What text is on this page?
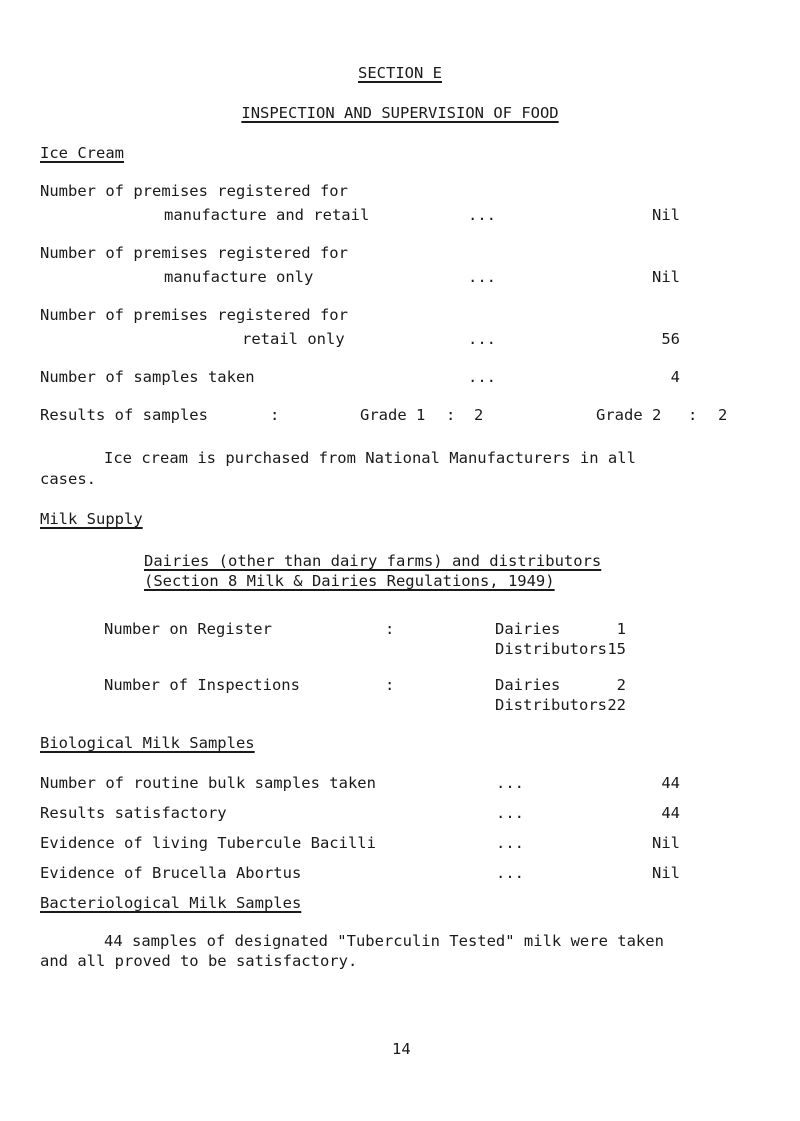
SECTION E
INSPECTION AND SUPERVISION OF FOOD
Ice Cream
Number of premises registered for
manufacture and retail	...	Nil
Number of premises registered for
manufacture only	...	Nil
Number of premises registered for
retail only	...	56
Number of samples taken	...	4
Results of samples	:	Grade 1 : 2	Grade 2 : 2
Ice cream is purchased from National Manufacturers in all
cases.
Milk Supply
Dairies (other than dairy farms) and distributors
(Section 8 Milk & Dairies Regulations, 1949)
Number on Register	:	Dairies	1
Distributors 15
Number of Inspections	:	Dairies	2
Distributors 22
Biological Milk Samples
Number of routine bulk samples taken	...	44
Results satisfactory	...	44
Evidence of living Tubercule Bacilli	...	Nil
Evidence of Brucella Abortus	...	Nil
Bacteriological Milk Samples
44 samples of designated "Tuberculin Tested" milk were taken
and all proved to be satisfactory.
14
